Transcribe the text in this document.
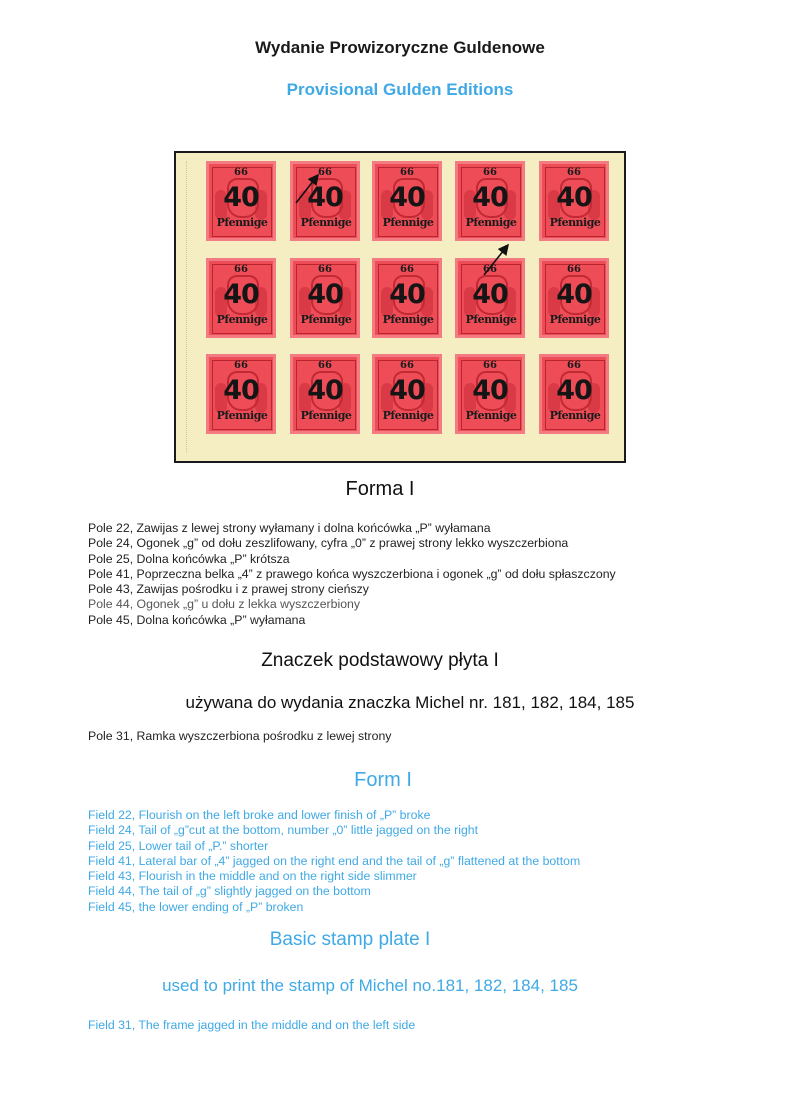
Wydanie Prowizoryczne Guldenowe
Provisional Gulden Editions
66
40
Pfennige
66
40
Pfennige
66
40
Pfennige
66
40
Pfennige
66
40
Pfennige
66
40
Pfennige
66
40
Pfennige
66
40
Pfennige
66
40
Pfennige
66
40
Pfennige
66
40
Pfennige
66
40
Pfennige
66
40
Pfennige
66
40
Pfennige
66
40
Pfennige
Forma I
Pole 22, Zawijas z lewej strony wyłamany i dolna końcówka „P” wyłamana
Pole 24, Ogonek „g” od dołu zeszlifowany, cyfra „0” z prawej strony lekko wyszczerbiona
Pole 25, Dolna końcówka „P” krótsza
Pole 41, Poprzeczna belka „4” z prawego końca wyszczerbiona i ogonek „g” od dołu spłaszczony
Pole 43, Zawijas pośrodku i z prawej strony cieńszy
Pole 44, Ogonek „g” u dołu z lekka wyszczerbiony
Pole 45, Dolna końcówka „P” wyłamana
Znaczek podstawowy płyta I
używana do wydania znaczka Michel nr. 181, 182, 184, 185
Pole 31, Ramka wyszczerbiona pośrodku z lewej strony
Form I
Field 22, Flourish on the left broke and lower finish of „P” broke
Field 24, Tail of „g”cut at the bottom, number „0” little jagged on the right
Field 25, Lower tail of „P.” shorter
Field 41, Lateral bar of „4” jagged on the right end and the tail of „g” flattened at the bottom
Field 43, Flourish in the middle and on the right side slimmer
Field 44, The tail of „g” slightly jagged on the bottom
Field 45, the lower ending of „P” broken
Basic stamp plate I
used to print the stamp of Michel no.181, 182, 184, 185
Field 31, The frame jagged in the middle and on the left side
